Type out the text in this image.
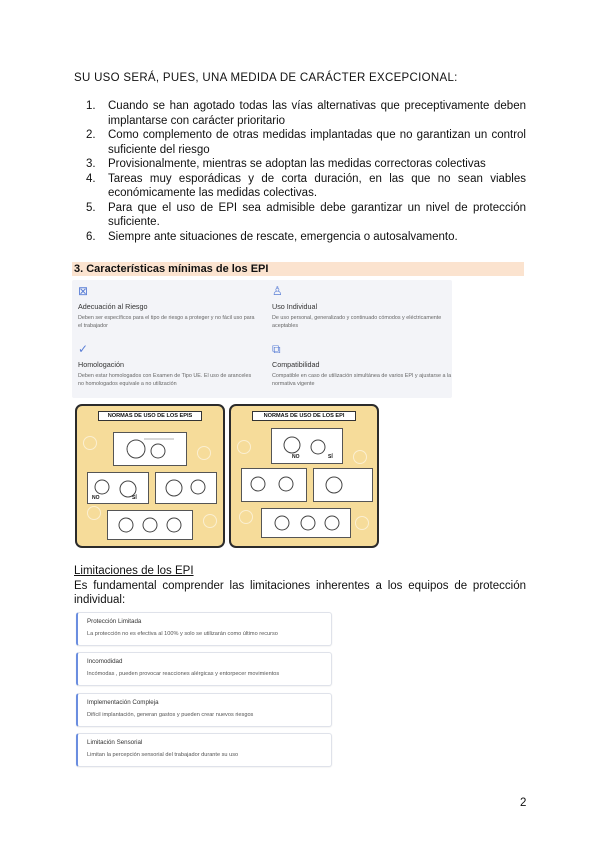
SU USO SERÁ, PUES, UNA MEDIDA DE CARÁCTER EXCEPCIONAL:
1.	Cuando se han agotado todas las vías alternativas que preceptivamente deben implantarse con carácter prioritario
2.	Como complemento de otras medidas implantadas que no garantizan un control suficiente del riesgo
3.	Provisionalmente, mientras se adoptan las medidas correctoras colectivas
4.	Tareas muy esporádicas y de corta duración, en las que no sean viables económicamente las medidas colectivas.
5.	Para que el uso de EPI sea admisible debe garantizar un nivel de protección suficiente.
6.	Siempre ante situaciones de rescate, emergencia o autosalvamento.
3. Características mínimas de los EPI
⊠
Adecuación al Riesgo
Deben ser específicos para el tipo de riesgo a proteger y no fácil uso para el trabajador
♙
Uso Individual
De uso personal, generalizado y continuado cómodos y eléctricamente aceptables
✓
Homologación
Deben estar homologados con Examen de Tipo UE. El uso de aranceles no homologados equivale a no utilización
⧉
Compatibilidad
Compatible en caso de utilización simultánea de varios EPI y ajustarse a la normativa vigente
NORMAS DE USO DE LOS EPIS
NO	SÍ
NORMAS DE USO DE LOS EPI
NO	SÍ
Limitaciones de los EPI
Es fundamental comprender las limitaciones inherentes a los equipos de protección individual:
Protección Limitada
La protección no es efectiva al 100% y solo se utilizarán como último recurso
Incomodidad
Incómodas , pueden provocar reacciones alérgicas y entorpecer movimientos
Implementación Compleja
Difícil implantación, generan gastos y pueden crear nuevos riesgos
Limitación Sensorial
Limitan la percepción sensorial del trabajador durante su uso
2
